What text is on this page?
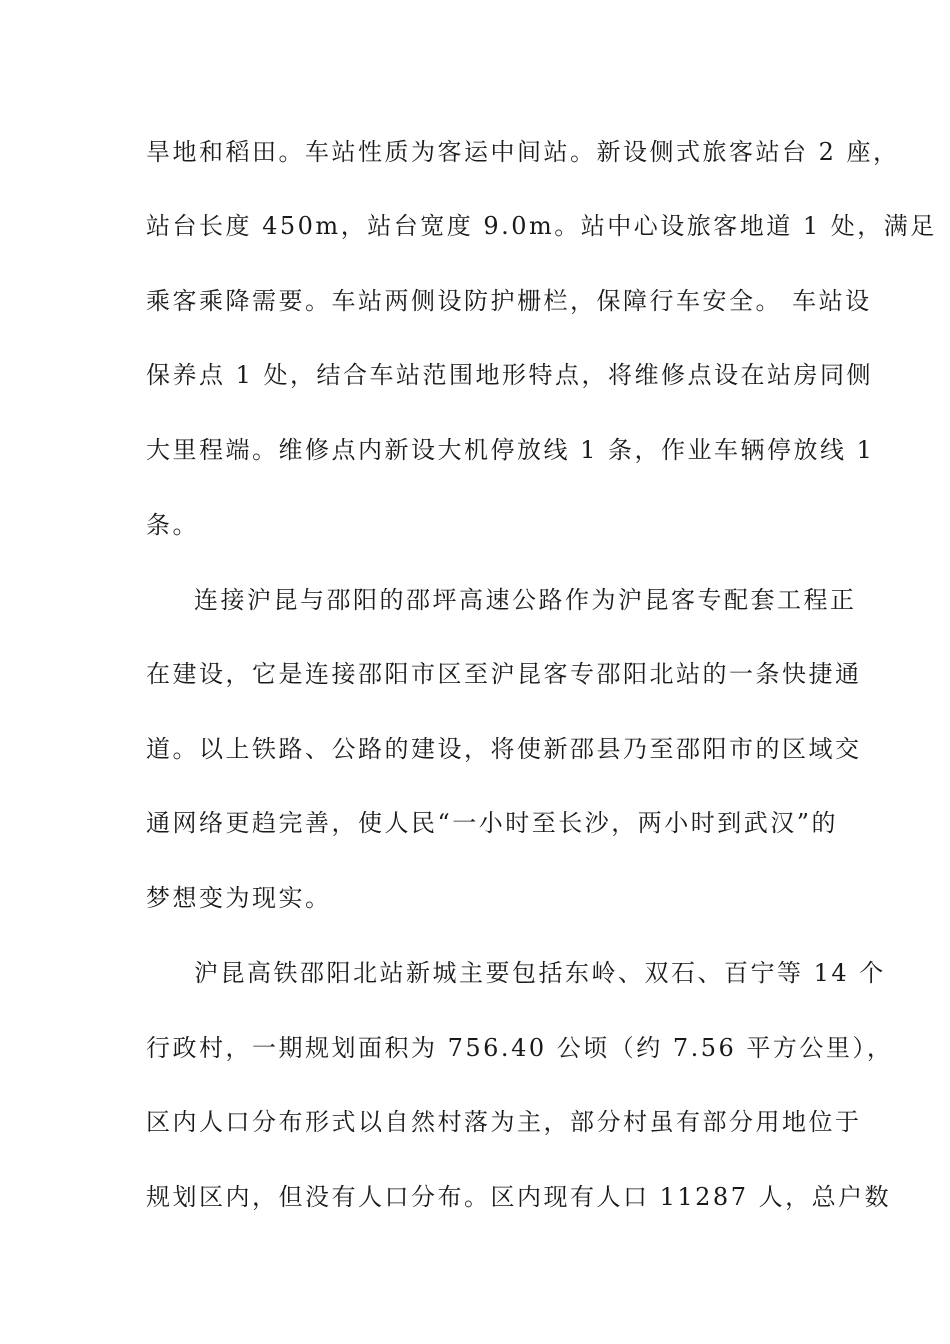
旱地和稻田。车站性质为客运中间站。新设侧式旅客站台 2 座，
站台长度 450m，站台宽度 9.0m。站中心设旅客地道 1 处，满足
乘客乘降需要。车站两侧设防护栅栏，保障行车安全。 车站设
保养点 1 处，结合车站范围地形特点，将维修点设在站房同侧
大里程端。维修点内新设大机停放线 1 条，作业车辆停放线 1
条。
连接沪昆与邵阳的邵坪高速公路作为沪昆客专配套工程正
在建设，它是连接邵阳市区至沪昆客专邵阳北站的一条快捷通
道。以上铁路、公路的建设，将使新邵县乃至邵阳市的区域交
通网络更趋完善，使人民“一小时至长沙，两小时到武汉”的
梦想变为现实。
沪昆高铁邵阳北站新城主要包括东岭、双石、百宁等 14 个
行政村，一期规划面积为 756.40 公顷（约 7.56 平方公里），
区内人口分布形式以自然村落为主，部分村虽有部分用地位于
规划区内，但没有人口分布。区内现有人口 11287 人，总户数
